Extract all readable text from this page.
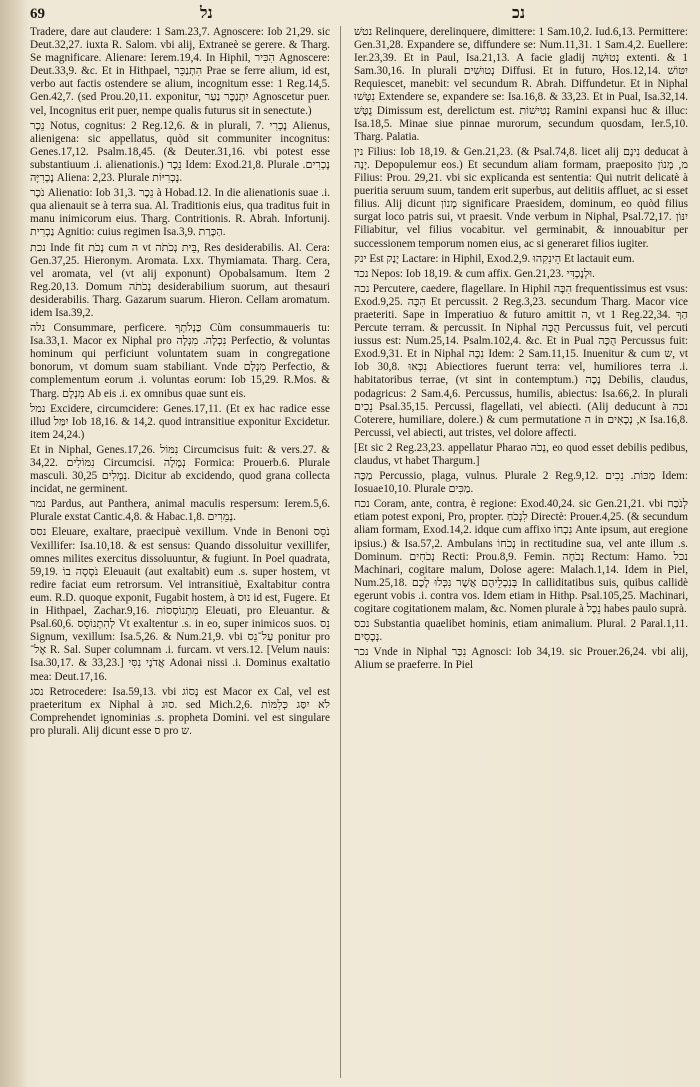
69	נל	נכ

Tradere, dare aut claudere: 1 Sam.23,7. Agnoscere: Iob 21,29. sic Deut.32,27. iuxta R. Salom. vbi alij, Extraneè se gerere. & Tharg. Se magnificare. Alienare: Ierem.19,4. In Hiphil, הִכִּיר Agnoscere: Deut.33,9. &c. Et in Hithpael, הִתְנַכֵּר Prae se ferre alium, id est, verbo aut factis ostendere se alium, incognitum esse: 1 Reg.14,5. Gen.42,7. (sed Prou.20,11. exponitur, יִתְנַכֶּר נַעַר Agnoscetur puer. vel, Incognitus erit puer, nempe qualis futurus sit in senectute.)

נֵכָר Notus, cognitus: 2 Reg.12,6. & in plurali, 7. נָכְרִי Alienus, alienigena: sic appellatus, quòd sit communiter incognitus: Genes.17,12. Psalm.18,45. (& Deuter.31,16. vbi potest esse substantiuum .i. alienationis.) נֵכָר Idem: Exod.21,8. Plurale נָכְרִים. נָכְרִיָּה Aliena: 2,23. Plurale נָכְרִיּוֹת.

נֹכֶר Alienatio: Iob 31,3. נֵכֶר à Hobad.12. In die alienationis suae .i. qua alienauit se à terra sua. Al. Traditionis eius, qua traditus fuit in manu inimicorum eius. Tharg. Contritionis. R. Abrah. Infortunij. נַכְרִית Agnitio: cuius regimen Isa.3,9. הַכָּרַת.

נכת Inde fit נְכֹת cum ה vt בֵּית נְכֹתֹה, Res desiderabilis. Al. Cera: Gen.37,25. Hieronym. Aromata. Lxx. Thymiamata. Tharg. Cera, vel aromata, vel (vt alij exponunt) Opobalsamum. Item 2 Reg.20,13. Domum נְכֹתֹה desiderabilium suorum, aut thesauri desiderabilis. Tharg. Gazarum suarum. Hieron. Cellam aromatum. idem Isa.39,2.

נלה Consummare, perficere. כַּנְלֹתְךָ Cùm consummaueris tu: Isa.33,1. Macor ex Niphal pro נִכְלָה. מִנְלָה Perfectio, & voluntas hominum qui perficiunt voluntatem suam in congregatione bonorum, vt domum suam stabiliant. Vnde מִנְלָם Perfectio, & complementum eorum .i. voluntas eorum: Iob 15,29. R.Mos. & Tharg. מִנְלָם Ab eis .i. ex omnibus quae sunt eis.

נמל Excidere, circumcidere: Genes.17,11. (Et ex hac radice esse illud יִמַּל Iob 18,16. & 14,2. quod intransitiue exponitur Excidetur. item 24,24.)

Et in Niphal, Genes.17,26. נִמּוֹל Circumcisus fuit: & vers.27. & 34,22. נִמּוֹלִים Circumcisi. נְמָלָה Formica: Prouerb.6. Plurale masculi. נְמָלִים 30,25. Dicitur ab excidendo, quod grana collecta incidat, ne germinent.

נמר Pardus, aut Panthera, animal maculis respersum: Ierem.5,6. Plurale exstat Cantic.4,8. & Habac.1,8. נְמֵרִים.

נסס Eleuare, exaltare, praecipuè vexillum. Vnde in Benoni נֹסֵס Vexillifer: Isa.10,18. & est sensus: Quando dissoluitur vexillifer, omnes milites exercitus dissoluuntur, & fugiunt. In Poel quadrata, 59,19. נֹסְסָה בוֹ Eleuauit (aut exaltabit) eum .s. super hostem, vt redire faciat eum retrorsum. Vel intransitiuè, Exaltabitur contra eum. R.D. quoque exponit, Fugabit hostem, à נוּס id est, Fugere. Et in Hithpael, Zachar.9,16. מִתְנוֹסְסוֹת Eleuati, pro Eleuantur. & Psal.60,6. לְהִתְנוֹסֵס Vt exaltentur .s. in eo, super inimicos suos. נֵס Signum, vexillum: Isa.5,26. & Num.21,9. vbi עַל־נֵס ponitur pro אֶל־ R. Sal. Super columnam .i. furcam. vt vers.12. [Velum nauis: Isa.30,17. & 33,23.] אֲדֹנָי נִסִּי Adonai nissi .i. Dominus exaltatio mea: Deut.17,16.

נסג Retrocedere: Isa.59,13. vbi נָסוֹג est Macor ex Cal, vel est praeteritum ex Niphal à סוּג. sed Mich.2,6. לֹא יִסַּג כְּלִמּוֹת Comprehendet ignominias .s. propheta Domini. vel est singulare pro plurali. Alij dicunt esse ס pro ש.

נטשׁ Relinquere, derelinquere, dimittere: 1 Sam.10,2. Iud.6,13. Permittere: Gen.31,28. Expandere se, diffundere se: Num.11,31. 1 Sam.4,2. Euellere: Ier.23,39. Et in Paul, Isa.21,13. A facie gladij נְטוּשָׁה extenti. & 1 Sam.30,16. In plurali נְטוּשִׁים Diffusi. Et in futuro, Hos.12,14. יִטּוֹשׁ Requiescet, manebit: vel secundum R. Abrah. Diffundetur. Et in Niphal נִטְּשׁוּ Extendere se, expandere se: Isa.16,8. & 33,23. Et in Pual, Isa.32,14. נֻטָּשׁ Dimissum est, derelictum est. נְטִישׁוֹת Ramini expansi huc & illuc: Isa.18,5. Minae siue pinnae murorum, secundum quosdam, Ier.5,10. Tharg. Palatia.

נין Filius: Iob 18,19. & Gen.21,23. (& Psal.74,8. licet alij נִינָם deducat à יָנָה. Depopulemur eos.) Et secundum aliam formam, praeposito מ, מָנוֹן Filius: Prou. 29,21. vbi sic explicanda est sententia: Qui nutrit delicatè à pueritia seruum suum, tandem erit superbus, aut delitiis affluet, ac si esset filius. Alij dicunt מָנוֹן significare Praesidem, dominum, eo quòd filius surgat loco patris sui, vt praesit. Vnde verbum in Niphal, Psal.72,17. יִנּוֹן Filiabitur, vel filius vocabitur. vel germinabit, & innouabitur per successionem temporum nomen eius, ac si generaret filios iugiter.

ינק Est יָנַק Lactare: in Hiphil, Exod.2,9. הֵינִקִהוּ Et lactauit eum.

נכד Nepos: Iob 18,19. & cum affix. Gen.21,23. וּלְנֶכְדִּי.

נכה Percutere, caedere, flagellare. In Hiphil הִכָּה frequentissimus est vsus: Exod.9,25. הִכָּה Et percussit. 2 Reg.3,23. secundum Tharg. Macor vice praeteriti. Sape in Imperatiuo & futuro amittit ה, vt 1 Reg.22,34. הַךְ Percute terram. & percussit. In Niphal הֻכָּה Percussus fuit, vel percuti iussus est: Num.25,14. Psalm.102,4. &c. Et in Pual הֻכָּה Percussus fuit: Exod.9,31. Et in Niphal נִכָּה Idem: 2 Sam.11,15. Inuenitur & cum ש, vt Iob 30,8. נִכְּאוּ Abiectiores fuerunt terra: vel, humiliores terra .i. habitatoribus terrae, (vt sint in contemptum.) נָכֶה Debilis, claudus, podagricus: 2 Sam.4,6. Percussus, humilis, abiectus: Isa.66,2. In plurali נֵכִים Psal.35,15. Percussi, flagellati, vel abiecti. (Alij deducunt à נכה Coterere, humiliare, dolere.) & cum permutatione ה in א, נְכָאִים Isa.16,8. Percussi, vel abiecti, aut tristes, vel dolore affecti.

[Et sic 2 Reg.23,23. appellatur Pharao נְכֹה, eo quod esset debilis pedibus, claudus, vt habet Thargum.]

מַכָּה Percussio, plaga, vulnus. Plurale 2 Reg.9,12. מַכּוֹת. נֵכִים Idem: Iosuae10,10. Plurale מַכִּים.

נכח Coram, ante, contra, è regione: Exod.40,24. sic Gen.21,21. vbi לְנֹכַח etiam potest exponi, Pro, propter. לִנְכֹחַ Directè: Prouer.4,25. (& secundum aliam formam, Exod.14,2. idque cum affixo נִכְחוֹ Ante ipsum, aut eregione ipsius.) & Isa.57,2. Ambulans נְכֹחוֹ in rectitudine sua, vel ante illum .s. Dominum. נְכֹחִים Recti: Prou.8,9. Femin. נְכֹחָה Rectum: Hamo. נכל Machinari, cogitare malum, Dolose agere: Malach.1,14. Idem in Piel, Num.25,18. בְּנִכְלֵיהֶם אֲשֶׁר נִכְּלוּ לָכֶם In calliditatibus suis, quibus callidè egerunt vobis .i. contra vos. Idem etiam in Hithp. Psal.105,25. Machinari, cogitare cogitationem malam, &c. Nomen plurale à נֵכֶל habes paulo suprà.

נכס Substantia quaelibet hominis, etiam animalium. Plural. 2 Paral.1,11. נְכָסִים.

נכר Vnde in Niphal נִכַּר Agnosci: Iob 34,19. sic Prouer.26,24. vbi alij, Alium se praeferre. In Piel
